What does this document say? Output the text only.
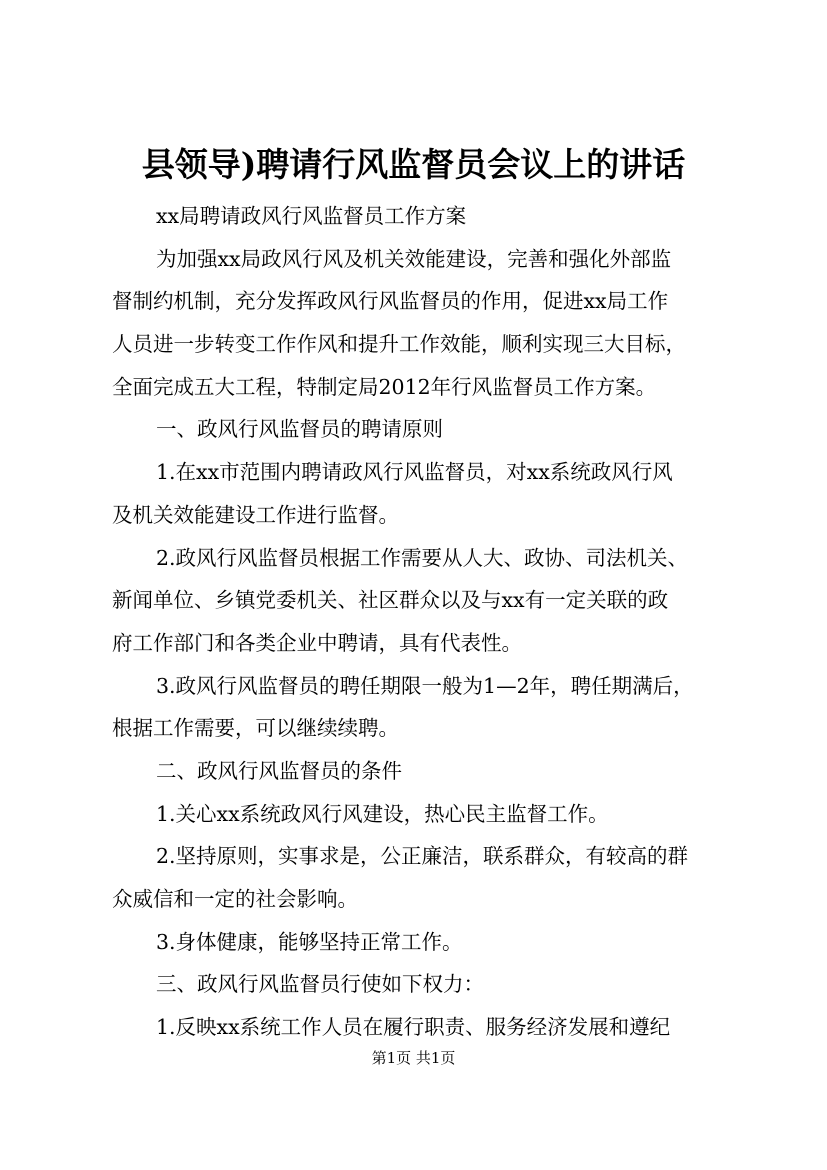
县领导)聘请行风监督员会议上的讲话
xx局聘请政风行风监督员工作方案
为加强xx局政风行风及机关效能建设，完善和强化外部监
督制约机制，充分发挥政风行风监督员的作用，促进xx局工作
人员进一步转变工作作风和提升工作效能，顺利实现三大目标，
全面完成五大工程，特制定局2012年行风监督员工作方案。
一、政风行风监督员的聘请原则
1.在xx市范围内聘请政风行风监督员，对xx系统政风行风
及机关效能建设工作进行监督。
2.政风行风监督员根据工作需要从人大、政协、司法机关、
新闻单位、乡镇党委机关、社区群众以及与xx有一定关联的政
府工作部门和各类企业中聘请，具有代表性。
3.政风行风监督员的聘任期限一般为1—2年，聘任期满后，
根据工作需要，可以继续续聘。
二、政风行风监督员的条件
1.关心xx系统政风行风建设，热心民主监督工作。
2.坚持原则，实事求是，公正廉洁，联系群众，有较高的群
众威信和一定的社会影响。
3.身体健康，能够坚持正常工作。
三、政风行风监督员行使如下权力：
1.反映xx系统工作人员在履行职责、服务经济发展和遵纪
第1页 共1页
